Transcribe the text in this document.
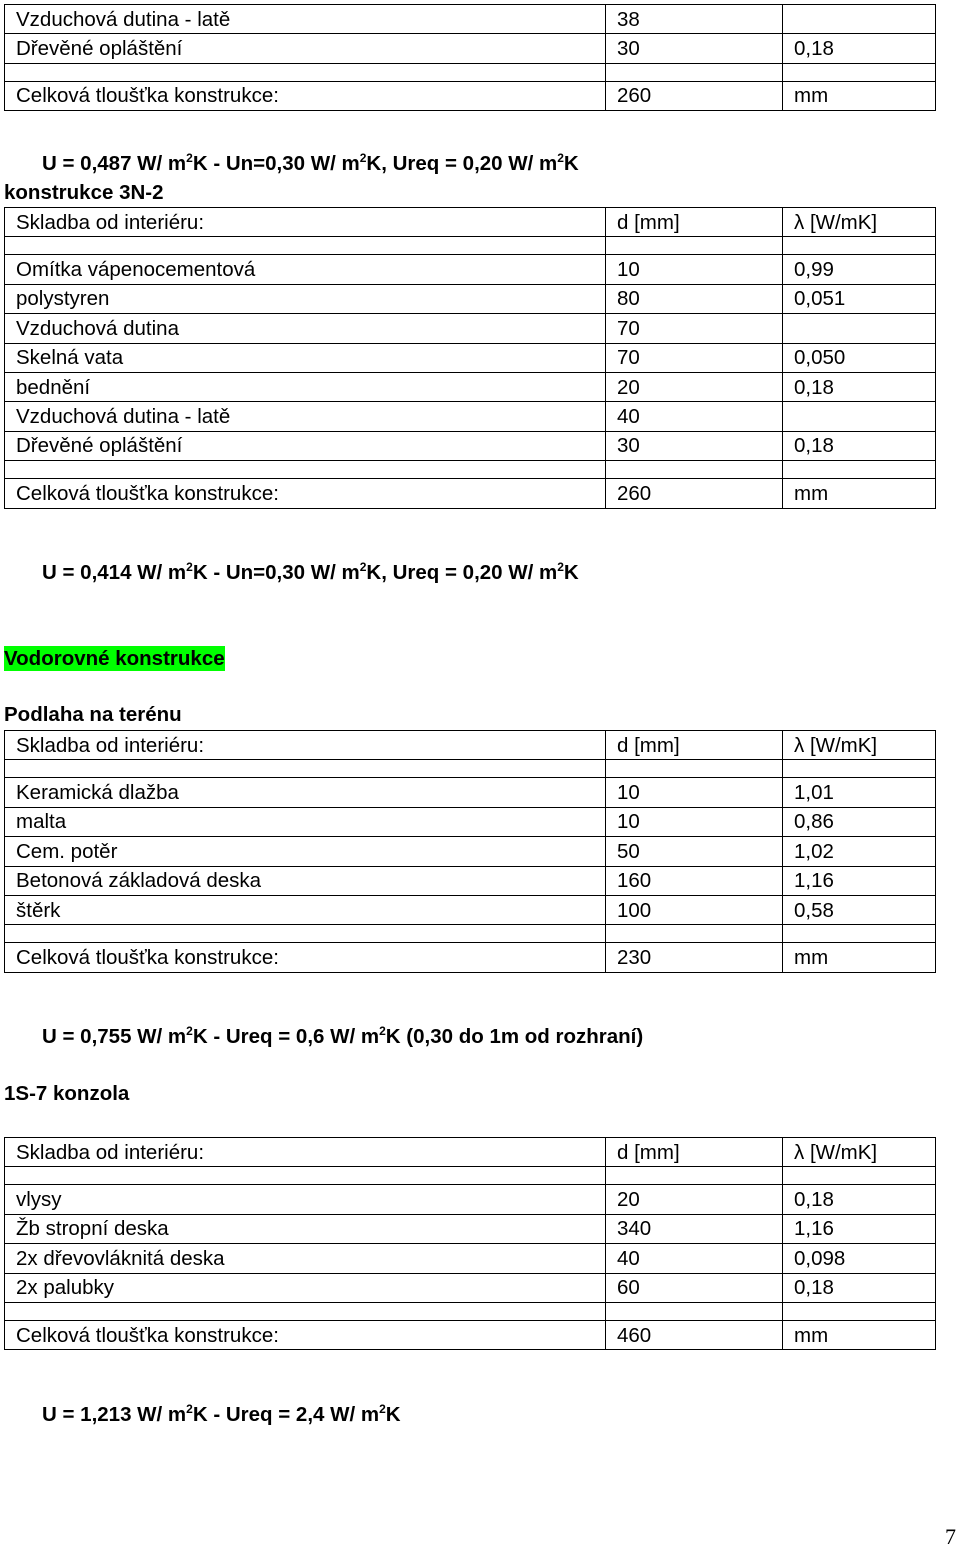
Vzduchová dutina - latě	38	
Dřevěné opláštění	30	0,18

Celková tloušťka konstrukce:	260	mm
U = 0,487 W/ $m^2K - Un=0,30$ W/ $m^2K$, Ureq = 0,20 W/ $m^2K$
konstrukce 3N-2
Skladba od interiéru:	d [mm]	λ [W/mK]

Omítka vápenocementová	10	0,99
polystyren	80	0,051
Vzduchová dutina	70	
Skelná vata	70	0,050
bednění	20	0,18
Vzduchová dutina - latě	40	
Dřevěné opláštění	30	0,18

Celková tloušťka konstrukce:	260	mm
U = 0,414 W/ $m^2K - Un=0,30$ W/ $m^2K$, Ureq = 0,20 W/ $m^2K$
Vodorovné konstrukce
Podlaha na terénu
Skladba od interiéru:	d [mm]	λ [W/mK]

Keramická dlažba	10	1,01
malta	10	0,86
Cem. potěr	50	1,02
Betonová základová deska	160	1,16
štěrk	100	0,58

Celková tloušťka konstrukce:	230	mm
U = 0,755 W/ $m^2K$ - Ureq = 0,6 W/ $m^2K$ (0,30 do 1m od rozhraní)
1S-7 konzola
Skladba od interiéru:	d [mm]	λ [W/mK]

vlysy	20	0,18
Žb stropní deska	340	1,16
2x dřevovláknitá deska	40	0,098
2x palubky	60	0,18

Celková tloušťka konstrukce:	460	mm
U = 1,213 W/ $m^2K$ - Ureq = 2,4 W/ $m^2K$
7
